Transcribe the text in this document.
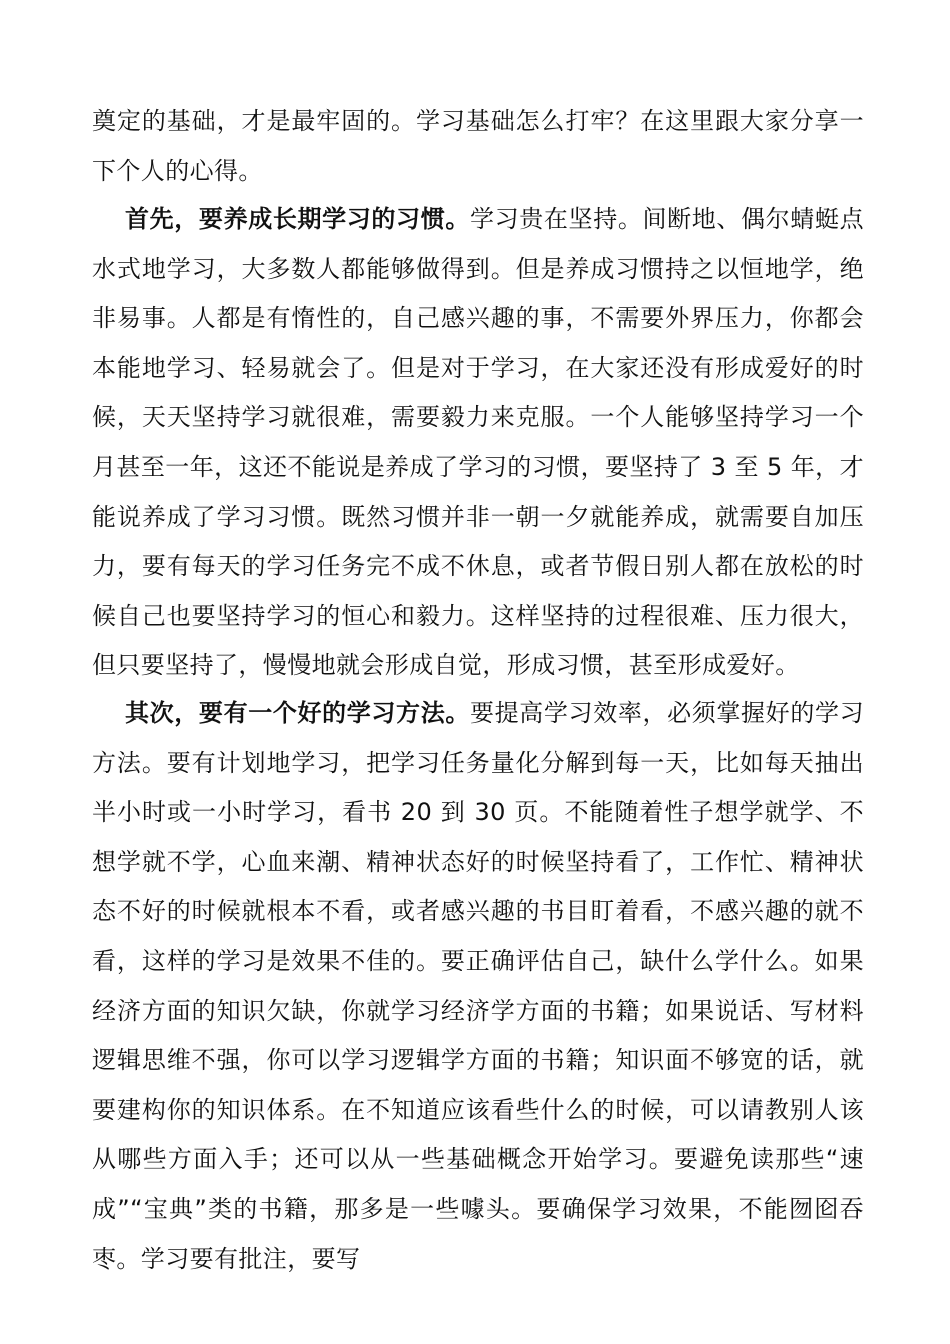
奠定的基础，才是最牢固的。学习基础怎么打牢？在这里跟大家分享一下个人的心得。

首先，要养成长期学习的习惯。学习贵在坚持。间断地、偶尔蜻蜓点水式地学习，大多数人都能够做得到。但是养成习惯持之以恒地学，绝非易事。人都是有惰性的，自己感兴趣的事，不需要外界压力，你都会本能地学习、轻易就会了。但是对于学习，在大家还没有形成爱好的时候，天天坚持学习就很难，需要毅力来克服。一个人能够坚持学习一个月甚至一年，这还不能说是养成了学习的习惯，要坚持了 3 至 5 年，才能说养成了学习习惯。既然习惯并非一朝一夕就能养成，就需要自加压力，要有每天的学习任务完不成不休息，或者节假日别人都在放松的时候自己也要坚持学习的恒心和毅力。这样坚持的过程很难、压力很大，但只要坚持了，慢慢地就会形成自觉，形成习惯，甚至形成爱好。

其次，要有一个好的学习方法。要提高学习效率，必须掌握好的学习方法。要有计划地学习，把学习任务量化分解到每一天，比如每天抽出半小时或一小时学习，看书 20 到 30 页。不能随着性子想学就学、不想学就不学，心血来潮、精神状态好的时候坚持看了，工作忙、精神状态不好的时候就根本不看，或者感兴趣的书目盯着看，不感兴趣的就不看，这样的学习是效果不佳的。要正确评估自己，缺什么学什么。如果经济方面的知识欠缺，你就学习经济学方面的书籍；如果说话、写材料逻辑思维不强，你可以学习逻辑学方面的书籍；知识面不够宽的话，就要建构你的知识体系。在不知道应该看些什么的时候，可以请教别人该从哪些方面入手；还可以从一些基础概念开始学习。要避免读那些“速成”“宝典”类的书籍，那多是一些噱头。要确保学习效果，不能囫囵吞枣。学习要有批注，要写
